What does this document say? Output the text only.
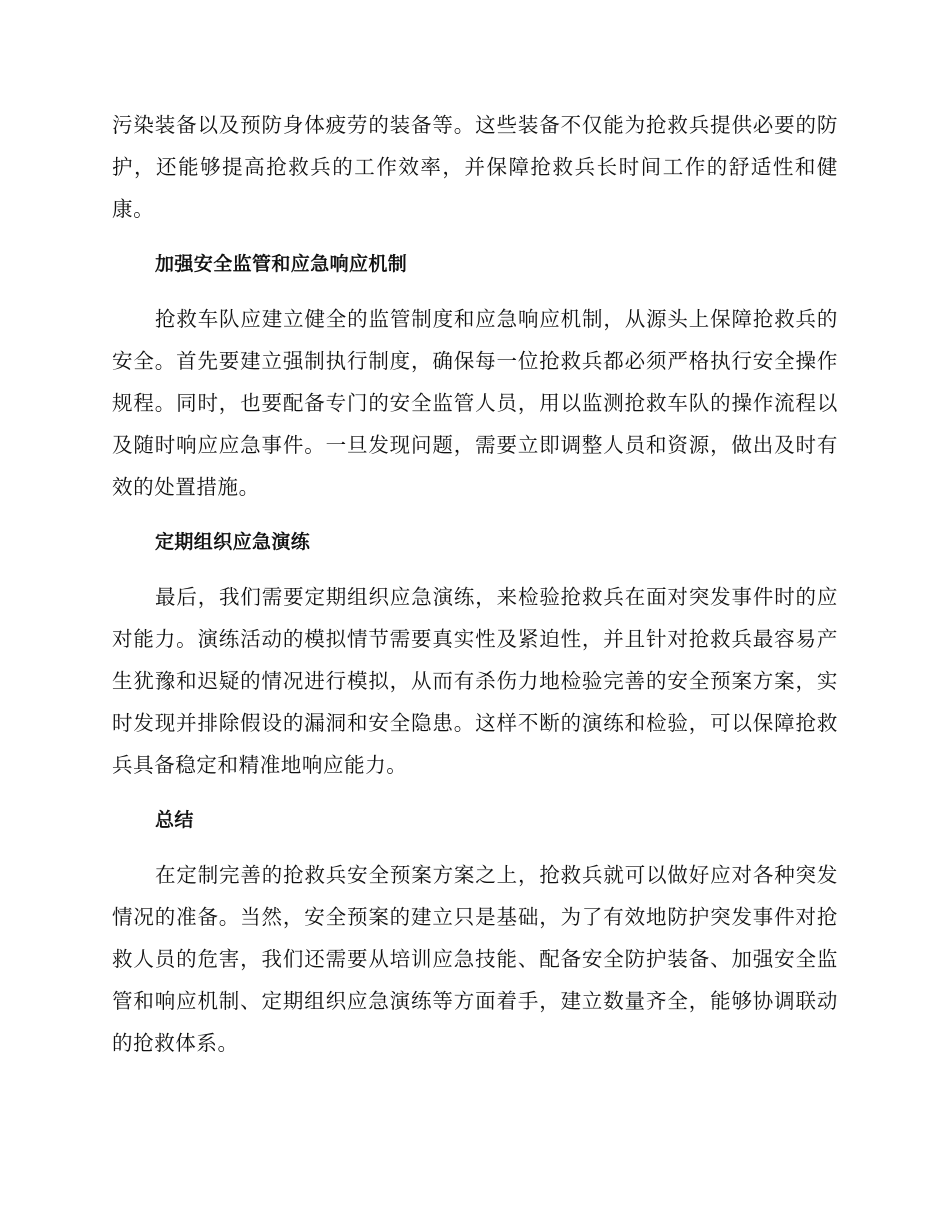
污染装备以及预防身体疲劳的装备等。这些装备不仅能为抢救兵提供必要的防护，还能够提高抢救兵的工作效率，并保障抢救兵长时间工作的舒适性和健康。

加强安全监管和应急响应机制

抢救车队应建立健全的监管制度和应急响应机制，从源头上保障抢救兵的安全。首先要建立强制执行制度，确保每一位抢救兵都必须严格执行安全操作规程。同时，也要配备专门的安全监管人员，用以监测抢救车队的操作流程以及随时响应应急事件。一旦发现问题，需要立即调整人员和资源，做出及时有效的处置措施。

定期组织应急演练

最后，我们需要定期组织应急演练，来检验抢救兵在面对突发事件时的应对能力。演练活动的模拟情节需要真实性及紧迫性，并且针对抢救兵最容易产生犹豫和迟疑的情况进行模拟，从而有杀伤力地检验完善的安全预案方案，实时发现并排除假设的漏洞和安全隐患。这样不断的演练和检验，可以保障抢救兵具备稳定和精准地响应能力。

总结

在定制完善的抢救兵安全预案方案之上，抢救兵就可以做好应对各种突发情况的准备。当然，安全预案的建立只是基础，为了有效地防护突发事件对抢救人员的危害，我们还需要从培训应急技能、配备安全防护装备、加强安全监管和响应机制、定期组织应急演练等方面着手，建立数量齐全，能够协调联动的抢救体系。
